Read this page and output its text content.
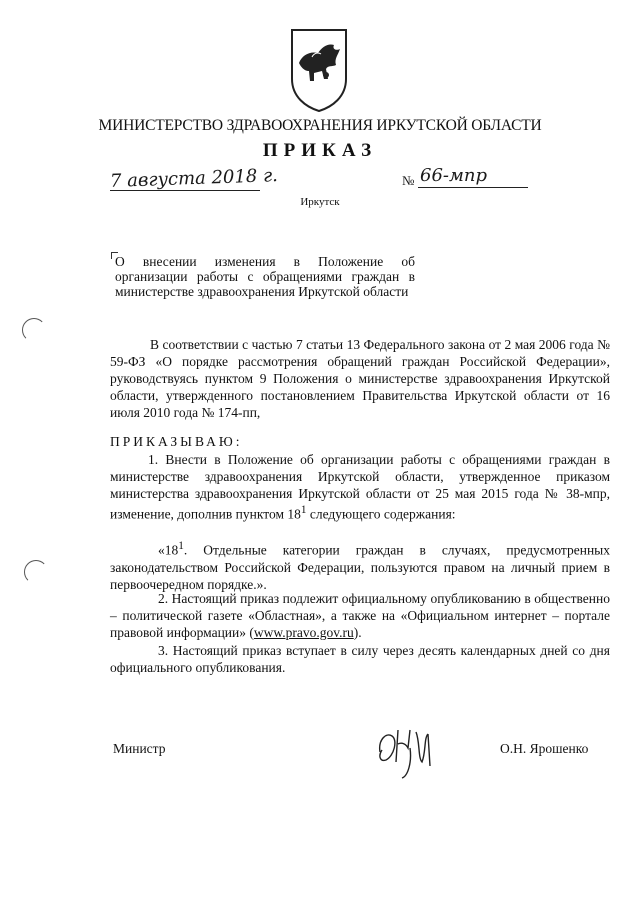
МИНИСТЕРСТВО ЗДРАВООХРАНЕНИЯ ИРКУТСКОЙ ОБЛАСТИ
ПРИКАЗ
7 августа 2018 г.	№ 66-мпр
Иркутск
О внесении изменения в Положение об организации работы с обращениями граждан в министерстве здравоохранения Иркутской области
В соответствии с частью 7 статьи 13 Федерального закона от 2 мая 2006 года № 59-ФЗ «О порядке рассмотрения обращений граждан Российской Федерации», руководствуясь пунктом 9 Положения о министерстве здравоохранения Иркутской области, утвержденного постановлением Правительства Иркутской области от 16 июля 2010 года № 174-пп,
ПРИКАЗЫВАЮ:
1. Внести в Положение об организации работы с обращениями граждан в министерстве здравоохранения Иркутской области, утвержденное приказом министерства здравоохранения Иркутской области от 25 мая 2015 года № 38-мпр, изменение, дополнив пунктом $18^1$ следующего содержания:
«$18^1$. Отдельные категории граждан в случаях, предусмотренных законодательством Российской Федерации, пользуются правом на личный прием в первоочередном порядке.».
2. Настоящий приказ подлежит официальному опубликованию в общественно – политической газете «Областная», а также на «Официальном интернет – портале правовой информации» (www.pravo.gov.ru).
3. Настоящий приказ вступает в силу через десять календарных дней со дня официального опубликования.
Министр	О.Н. Ярошенко
